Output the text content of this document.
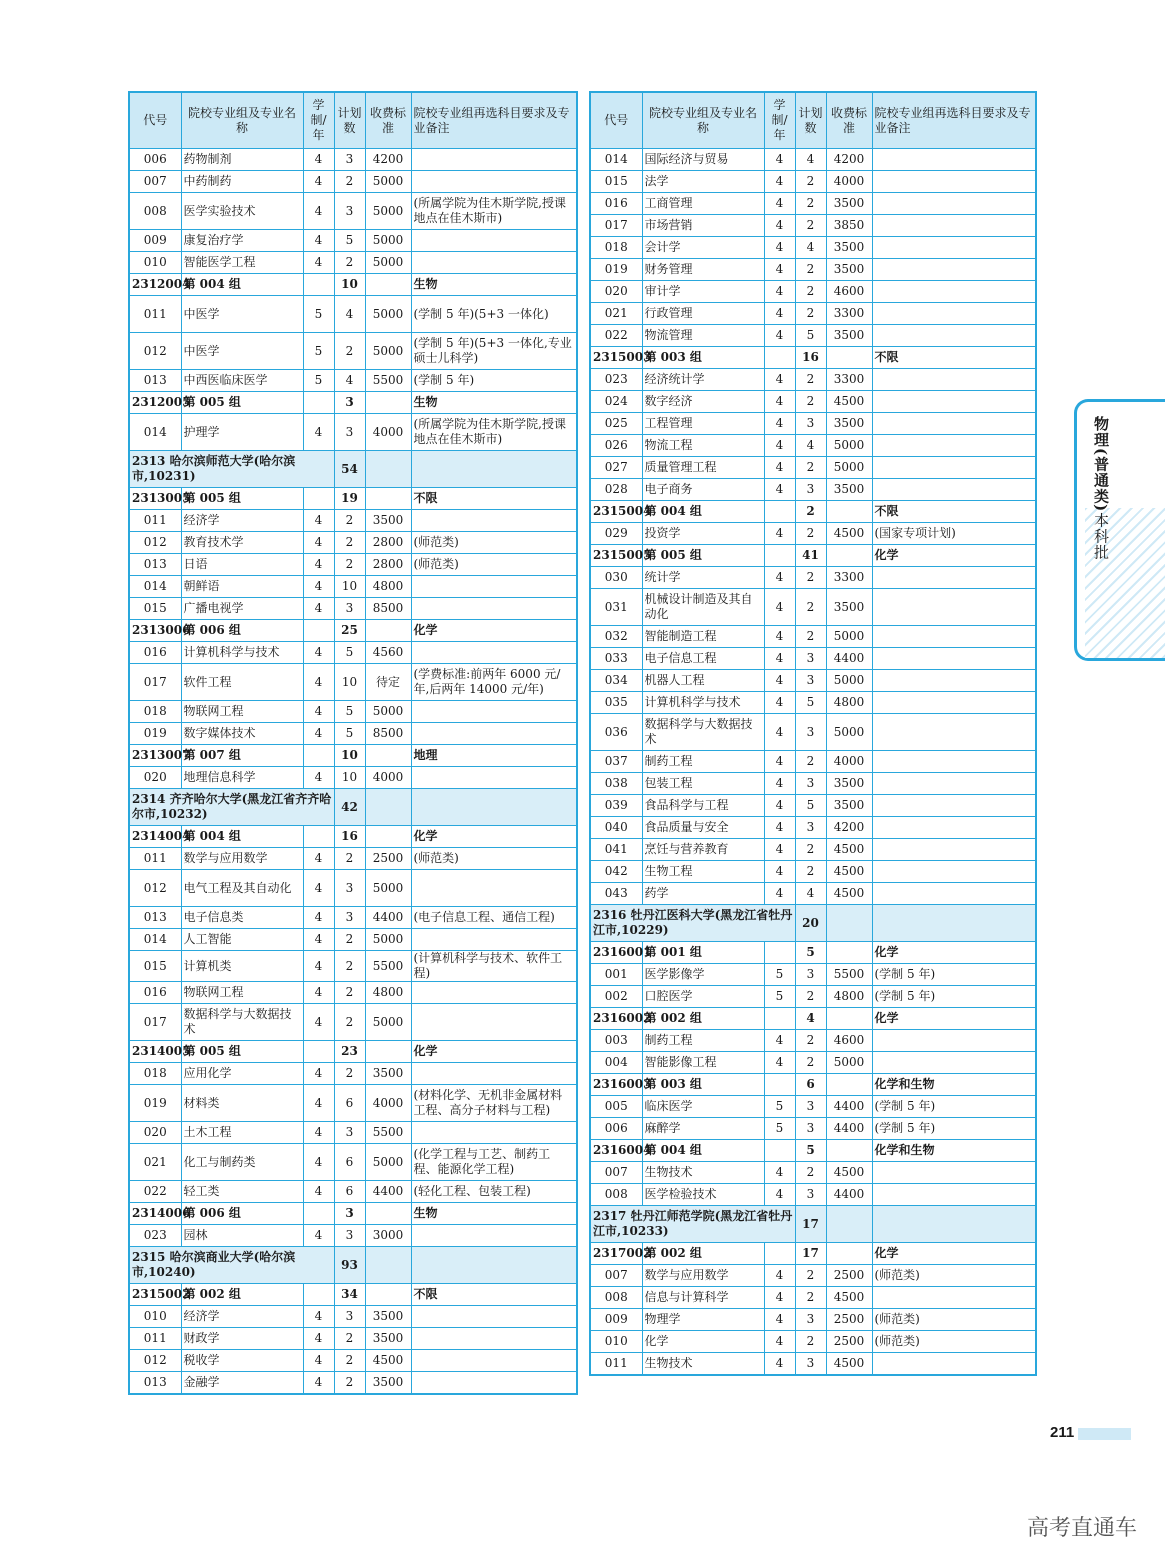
代号	院校专业组及专业名称	学制/年	计划数	收费标准	院校专业组再选科目要求及专业备注
006	药物制剂	4	3	4200	
007	中药制药	4	2	5000	
008	医学实验技术	4	3	5000	(所属学院为佳木斯学院,授课地点在佳木斯市)
009	康复治疗学	4	5	5000	
010	智能医学工程	4	2	5000	
2312004	第 004 组		10		生物
011	中医学	5	4	5000	(学制 5 年)(5+3 一体化)
012	中医学	5	2	5000	(学制 5 年)(5+3 一体化,专业硕士儿科学)
013	中西医临床医学	5	4	5500	(学制 5 年)
2312005	第 005 组		3		生物
014	护理学	4	3	4000	(所属学院为佳木斯学院,授课地点在佳木斯市)
2313 哈尔滨师范大学(哈尔滨市,10231)			54		
2313005	第 005 组		19		不限
011	经济学	4	2	3500	
012	教育技术学	4	2	2800	(师范类)
013	日语	4	2	2800	(师范类)
014	朝鲜语	4	10	4800	
015	广播电视学	4	3	8500	
2313006	第 006 组		25		化学
016	计算机科学与技术	4	5	4560	
017	软件工程	4	10	待定	(学费标准:前两年 6000 元/年,后两年 14000 元/年)
018	物联网工程	4	5	5000	
019	数字媒体技术	4	5	8500	
2313007	第 007 组		10		地理
020	地理信息科学	4	10	4000	
2314 齐齐哈尔大学(黑龙江省齐齐哈尔市,10232)			42		
2314004	第 004 组		16		化学
011	数学与应用数学	4	2	2500	(师范类)
012	电气工程及其自动化	4	3	5000	
013	电子信息类	4	3	4400	(电子信息工程、通信工程)
014	人工智能	4	2	5000	
015	计算机类	4	2	5500	(计算机科学与技术、软件工程)
016	物联网工程	4	2	4800	
017	数据科学与大数据技术	4	2	5000	
2314005	第 005 组		23		化学
018	应用化学	4	2	3500	
019	材料类	4	6	4000	(材料化学、无机非金属材料工程、高分子材料与工程)
020	土木工程	4	3	5500	
021	化工与制药类	4	6	5000	(化学工程与工艺、制药工程、能源化学工程)
022	轻工类	4	6	4400	(轻化工程、包装工程)
2314006	第 006 组		3		生物
023	园林	4	3	3000	
2315 哈尔滨商业大学(哈尔滨市,10240)			93		
2315002	第 002 组		34		不限
010	经济学	4	3	3500	
011	财政学	4	2	3500	
012	税收学	4	2	4500	
013	金融学	4	2	3500	
代号	院校专业组及专业名称	学制/年	计划数	收费标准	院校专业组再选科目要求及专业备注
014	国际经济与贸易	4	4	4200	
015	法学	4	2	4000	
016	工商管理	4	2	3500	
017	市场营销	4	2	3850	
018	会计学	4	4	3500	
019	财务管理	4	2	3500	
020	审计学	4	2	4600	
021	行政管理	4	2	3300	
022	物流管理	4	5	3500	
2315003	第 003 组		16		不限
023	经济统计学	4	2	3300	
024	数字经济	4	2	4500	
025	工程管理	4	3	3500	
026	物流工程	4	4	5000	
027	质量管理工程	4	2	5000	
028	电子商务	4	3	3500	
2315004	第 004 组		2		不限
029	投资学	4	2	4500	(国家专项计划)
2315005	第 005 组		41		化学
030	统计学	4	2	3300	
031	机械设计制造及其自动化	4	2	3500	
032	智能制造工程	4	2	5000	
033	电子信息工程	4	3	4400	
034	机器人工程	4	3	5000	
035	计算机科学与技术	4	5	4800	
036	数据科学与大数据技术	4	3	5000	
037	制药工程	4	2	4000	
038	包装工程	4	3	3500	
039	食品科学与工程	4	5	3500	
040	食品质量与安全	4	3	4200	
041	烹饪与营养教育	4	2	4500	
042	生物工程	4	2	4500	
043	药学	4	4	4500	
2316 牡丹江医科大学(黑龙江省牡丹江市,10229)			20		
2316001	第 001 组		5		化学
001	医学影像学	5	3	5500	(学制 5 年)
002	口腔医学	5	2	4800	(学制 5 年)
2316002	第 002 组		4		化学
003	制药工程	4	2	4600	
004	智能影像工程	4	2	5000	
2316003	第 003 组		6		化学和生物
005	临床医学	5	3	4400	(学制 5 年)
006	麻醉学	5	3	4400	(学制 5 年)
2316004	第 004 组		5		化学和生物
007	生物技术	4	2	4500	
008	医学检验技术	4	3	4400	
2317 牡丹江师范学院(黑龙江省牡丹江市,10233)			17		
2317002	第 002 组		17		化学
007	数学与应用数学	4	2	2500	(师范类)
008	信息与计算科学	4	2	4500	
009	物理学	4	3	2500	(师范类)
010	化学	4	2	2500	(师范类)
011	生物技术	4	3	4500	
物理(普通类)本科批
211
高考直通车
